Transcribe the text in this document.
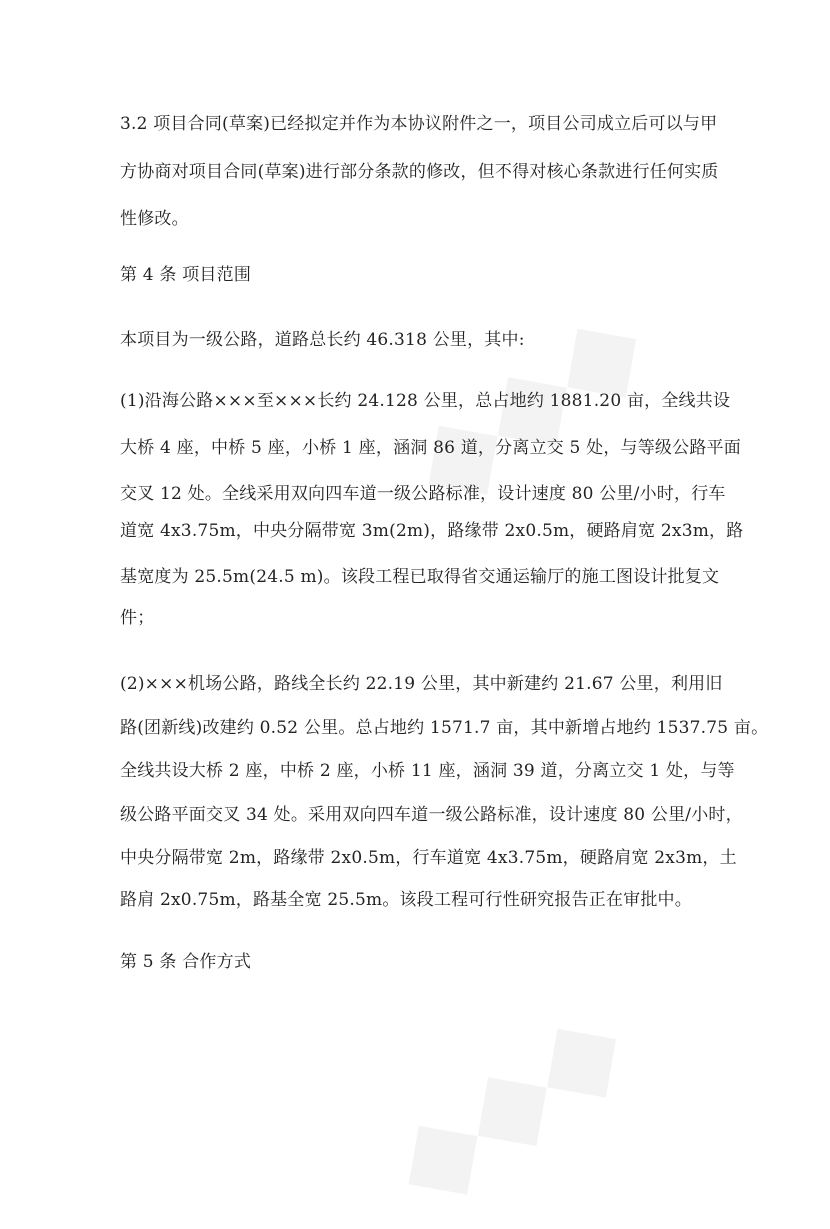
3.2 项目合同(草案)已经拟定并作为本协议附件之一，项目公司成立后可以与甲
方协商对项目合同(草案)进行部分条款的修改，但不得对核心条款进行任何实质
性修改。
第 4 条 项目范围
本项目为一级公路，道路总长约 46.318 公里，其中:
(1)沿海公路×××至×××长约 24.128 公里，总占地约 1881.20 亩，全线共设
大桥 4 座，中桥 5 座，小桥 1 座，涵洞 86 道，分离立交 5 处，与等级公路平面
交叉 12 处。全线采用双向四车道一级公路标准，设计速度 80 公里/小时，行车
道宽 4x3.75m，中央分隔带宽 3m(2m)，路缘带 2x0.5m，硬路肩宽 2x3m，路
基宽度为 25.5m(24.5 m)。该段工程已取得省交通运输厅的施工图设计批复文
件；
(2)×××机场公路，路线全长约 22.19 公里，其中新建约 21.67 公里，利用旧
路(团新线)改建约 0.52 公里。总占地约 1571.7 亩，其中新增占地约 1537.75 亩。
全线共设大桥 2 座，中桥 2 座，小桥 11 座，涵洞 39 道，分离立交 1 处，与等
级公路平面交叉 34 处。采用双向四车道一级公路标准，设计速度 80 公里/小时，
中央分隔带宽 2m，路缘带 2x0.5m，行车道宽 4x3.75m，硬路肩宽 2x3m，土
路肩 2x0.75m，路基全宽 25.5m。该段工程可行性研究报告正在审批中。
第 5 条 合作方式
